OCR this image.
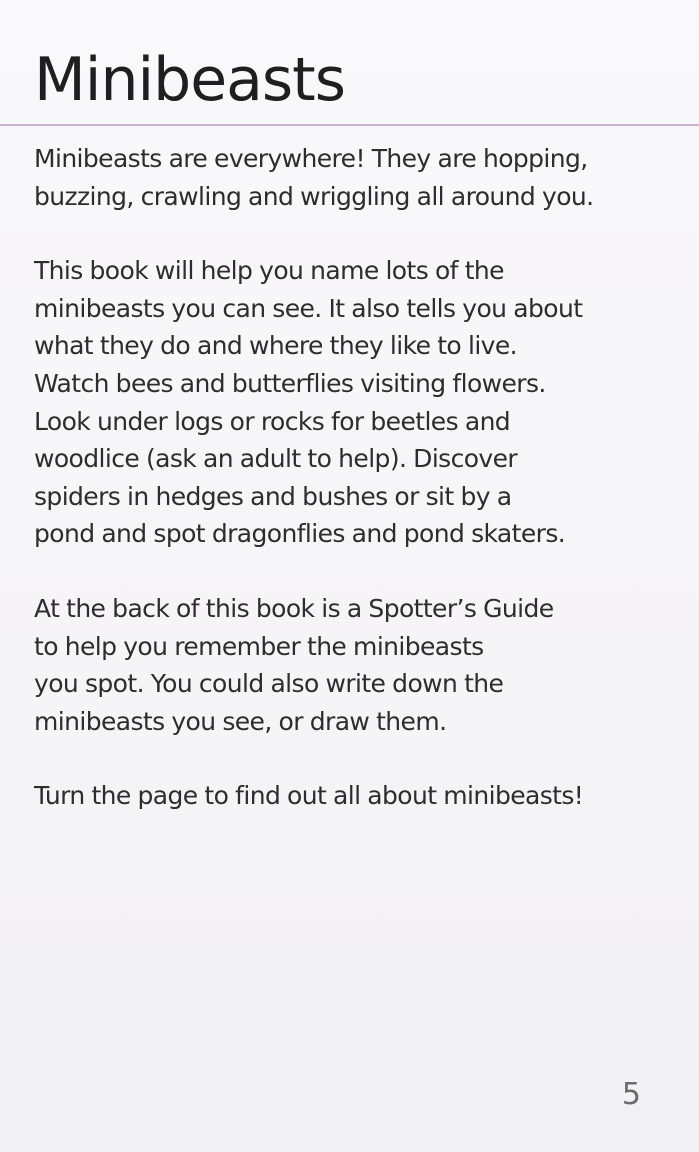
Minibeasts

Minibeasts are everywhere! They are hopping,
buzzing, crawling and wriggling all around you.

This book will help you name lots of the
minibeasts you can see. It also tells you about
what they do and where they like to live.
Watch bees and butterflies visiting flowers.
Look under logs or rocks for beetles and
woodlice (ask an adult to help). Discover
spiders in hedges and bushes or sit by a
pond and spot dragonflies and pond skaters.

At the back of this book is a Spotter’s Guide
to help you remember the minibeasts
you spot. You could also write down the
minibeasts you see, or draw them.

Turn the page to find out all about minibeasts!

5
